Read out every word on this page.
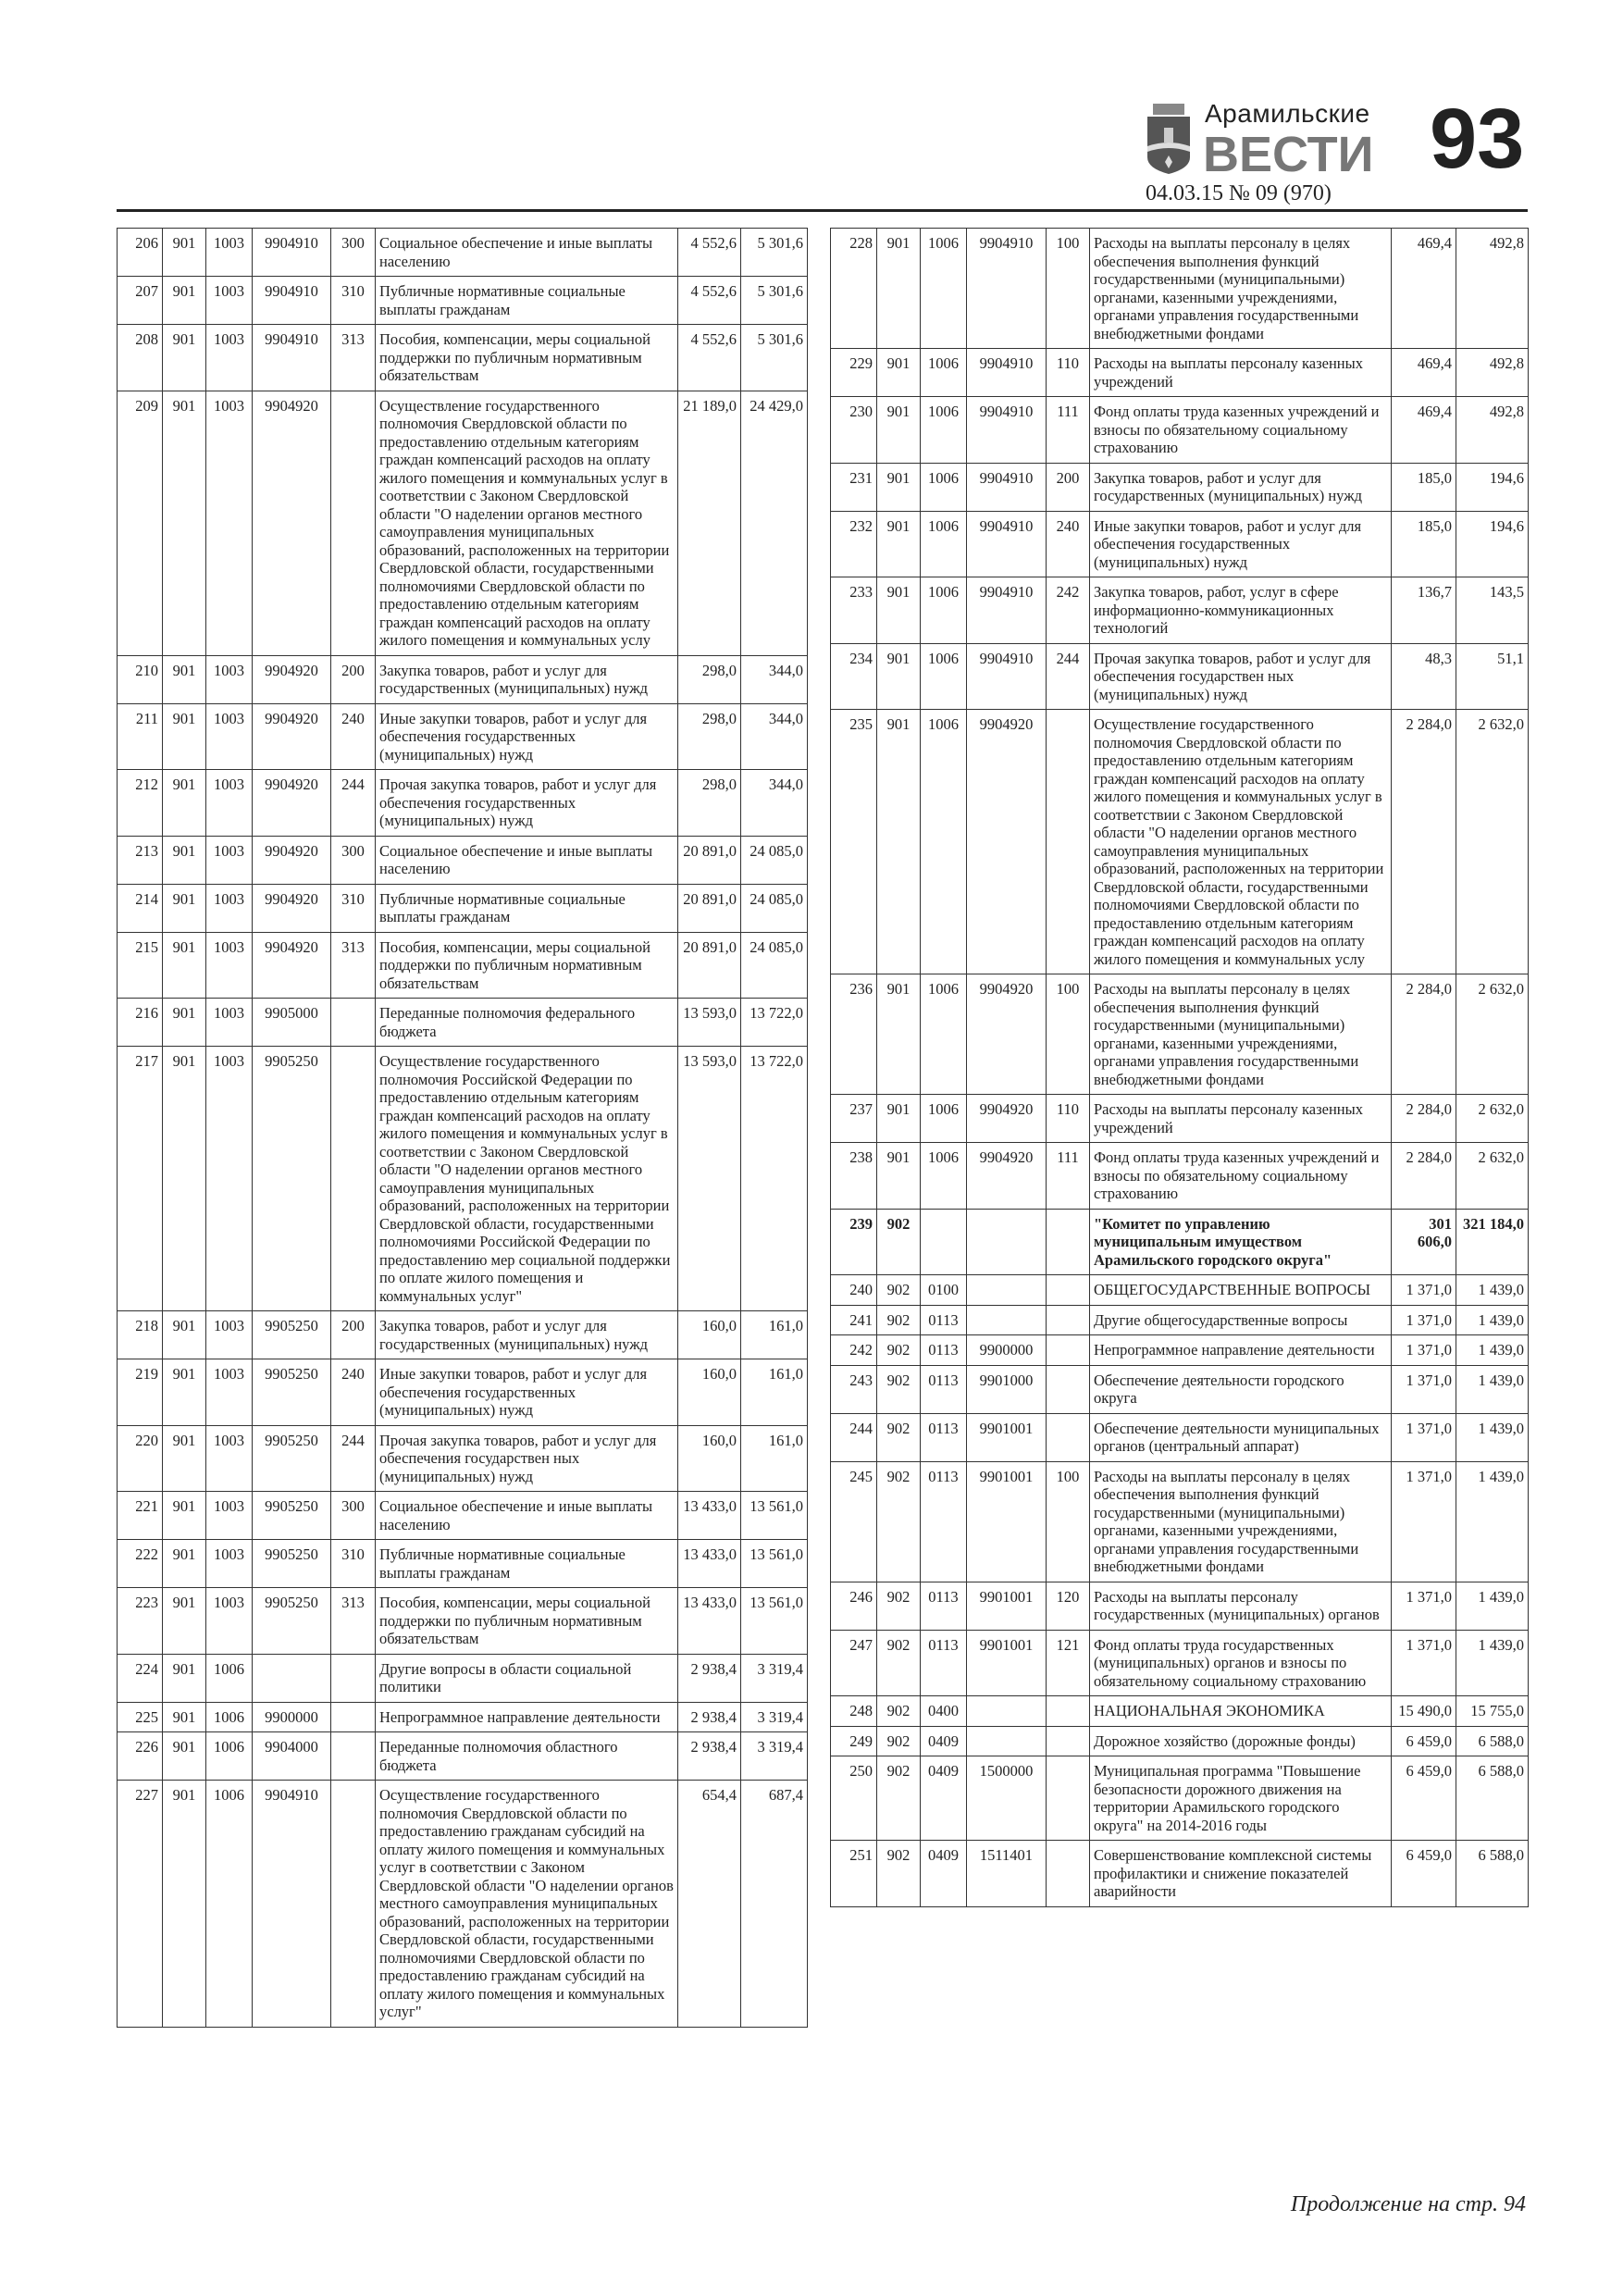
Арамильские
ВЕСТИ
04.03.15 № 09 (970)
93
206	901	1003	9904910	300	Социальное обеспечение и иные выплаты населению	4 552,6	5 301,6
207	901	1003	9904910	310	Публичные нормативные социальные выплаты гражданам	4 552,6	5 301,6
208	901	1003	9904910	313	Пособия, компенсации, меры социальной поддержки по публичным нормативным обязательствам	4 552,6	5 301,6
209	901	1003	9904920		Осуществление государственного полномочия Свердловской области по предоставлению отдельным категориям граждан компенсаций расходов на оплату жилого помещения и коммунальных услуг в соответствии с Законом Свердловской области "О наделении органов местного самоуправления муниципальных образований, расположенных на территории Свердловской области, государственными полномочиями Свердловской области по предоставлению отдельным категориям граждан компенсаций расходов на оплату жилого помещения и коммунальных услу	21 189,0	24 429,0
210	901	1003	9904920	200	Закупка товаров, работ и услуг для государственных (муниципальных) нужд	298,0	344,0
211	901	1003	9904920	240	Иные закупки товаров, работ и услуг для обеспечения государственных (муниципальных) нужд	298,0	344,0
212	901	1003	9904920	244	Прочая закупка товаров, работ и услуг для обеспечения государственных (муниципальных) нужд	298,0	344,0
213	901	1003	9904920	300	Социальное обеспечение и иные выплаты населению	20 891,0	24 085,0
214	901	1003	9904920	310	Публичные нормативные социальные выплаты гражданам	20 891,0	24 085,0
215	901	1003	9904920	313	Пособия, компенсации, меры социальной поддержки по публичным нормативным обязательствам	20 891,0	24 085,0
216	901	1003	9905000		Переданные полномочия федерального бюджета	13 593,0	13 722,0
217	901	1003	9905250		Осуществление государственного полномочия Российской Федерации по предоставлению отдельным категориям граждан компенсаций расходов на оплату жилого помещения и коммунальных услуг в соответствии с Законом Свердловской области "О наделении органов местного самоуправления муниципальных образований, расположенных на территории Свердловской области, государственными полномочиями Российской Федерации по предоставлению мер социальной поддержки по оплате жилого помещения и коммунальных услуг"	13 593,0	13 722,0
218	901	1003	9905250	200	Закупка товаров, работ и услуг для государственных (муниципальных) нужд	160,0	161,0
219	901	1003	9905250	240	Иные закупки товаров, работ и услуг для обеспечения государственных (муниципальных) нужд	160,0	161,0
220	901	1003	9905250	244	Прочая закупка товаров, работ и услуг для обеспечения государствен ных (муниципальных) нужд	160,0	161,0
221	901	1003	9905250	300	Социальное обеспечение и иные выплаты населению	13 433,0	13 561,0
222	901	1003	9905250	310	Публичные нормативные социальные выплаты гражданам	13 433,0	13 561,0
223	901	1003	9905250	313	Пособия, компенсации, меры социальной поддержки по публичным нормативным обязательствам	13 433,0	13 561,0
224	901	1006			Другие вопросы в области социальной политики	2 938,4	3 319,4
225	901	1006	9900000		Непрограммное направление деятельности	2 938,4	3 319,4
226	901	1006	9904000		Переданные полномочия областного бюджета	2 938,4	3 319,4
227	901	1006	9904910		Осуществление государственного полномочия Свердловской области по предоставлению гражданам субсидий на оплату жилого помещения и коммунальных услуг в соответствии с Законом Свердловской области "О наделении органов местного самоуправления муниципальных образований, расположенных на территории Свердловской области, государственными полномочиями Свердловской области по предоставлению гражданам субсидий на оплату жилого помещения и коммунальных услуг"	654,4	687,4
228	901	1006	9904910	100	Расходы на выплаты персоналу в целях обеспечения выполнения функций государственными (муниципальными) органами, казенными учреждениями, органами управления государственными внебюджетными фондами	469,4	492,8
229	901	1006	9904910	110	Расходы на выплаты персоналу казенных учреждений	469,4	492,8
230	901	1006	9904910	111	Фонд оплаты труда казенных учреждений и взносы по обязательному социальному страхованию	469,4	492,8
231	901	1006	9904910	200	Закупка товаров, работ и услуг для государственных (муниципальных) нужд	185,0	194,6
232	901	1006	9904910	240	Иные закупки товаров, работ и услуг для обеспечения государственных (муниципальных) нужд	185,0	194,6
233	901	1006	9904910	242	Закупка товаров, работ, услуг в сфере информационно-коммуникационных технологий	136,7	143,5
234	901	1006	9904910	244	Прочая закупка товаров, работ и услуг для обеспечения государствен ных (муниципальных) нужд	48,3	51,1
235	901	1006	9904920		Осуществление государственного полномочия Свердловской области по предоставлению отдельным категориям граждан компенсаций расходов на оплату жилого помещения и коммунальных услуг в соответствии с Законом Свердловской области "О наделении органов местного самоуправления муниципальных образований, расположенных на территории Свердловской области, государственными полномочиями Свердловской области по предоставлению отдельным категориям граждан компенсаций расходов на оплату жилого помещения и коммунальных услу	2 284,0	2 632,0
236	901	1006	9904920	100	Расходы на выплаты персоналу в целях обеспечения выполнения функций государственными (муниципальными) органами, казенными учреждениями, органами управления государственными внебюджетными фондами	2 284,0	2 632,0
237	901	1006	9904920	110	Расходы на выплаты персоналу казенных учреждений	2 284,0	2 632,0
238	901	1006	9904920	111	Фонд оплаты труда казенных учреждений и взносы по обязательному социальному страхованию	2 284,0	2 632,0
239	902				"Комитет по управлению муниципальным имуществом Арамильского городского округа"	301 606,0	321 184,0
240	902	0100			ОБЩЕГОСУДАРСТВЕННЫЕ ВОПРОСЫ	1 371,0	1 439,0
241	902	0113			Другие общегосударственные вопросы	1 371,0	1 439,0
242	902	0113	9900000		Непрограммное направление деятельности	1 371,0	1 439,0
243	902	0113	9901000		Обеспечение деятельности городского округа	1 371,0	1 439,0
244	902	0113	9901001		Обеспечение деятельности муниципальных органов (центральный аппарат)	1 371,0	1 439,0
245	902	0113	9901001	100	Расходы на выплаты персоналу в целях обеспечения выполнения функций государственными (муниципальными) органами, казенными учреждениями, органами управления государственными внебюджетными фондами	1 371,0	1 439,0
246	902	0113	9901001	120	Расходы на выплаты персоналу государственных (муниципальных) органов	1 371,0	1 439,0
247	902	0113	9901001	121	Фонд оплаты труда государственных (муниципальных) органов и взносы по обязательному социальному страхованию	1 371,0	1 439,0
248	902	0400			НАЦИОНАЛЬНАЯ ЭКОНОМИКА	15 490,0	15 755,0
249	902	0409			Дорожное хозяйство (дорожные фонды)	6 459,0	6 588,0
250	902	0409	1500000		Муниципальная программа "Повышение безопасности дорожного движения на территории Арамильского городского округа" на 2014-2016 годы	6 459,0	6 588,0
251	902	0409	1511401		Совершенствование комплексной системы профилактики и снижение показателей аварийности	6 459,0	6 588,0
Продолжение на стр. 94
